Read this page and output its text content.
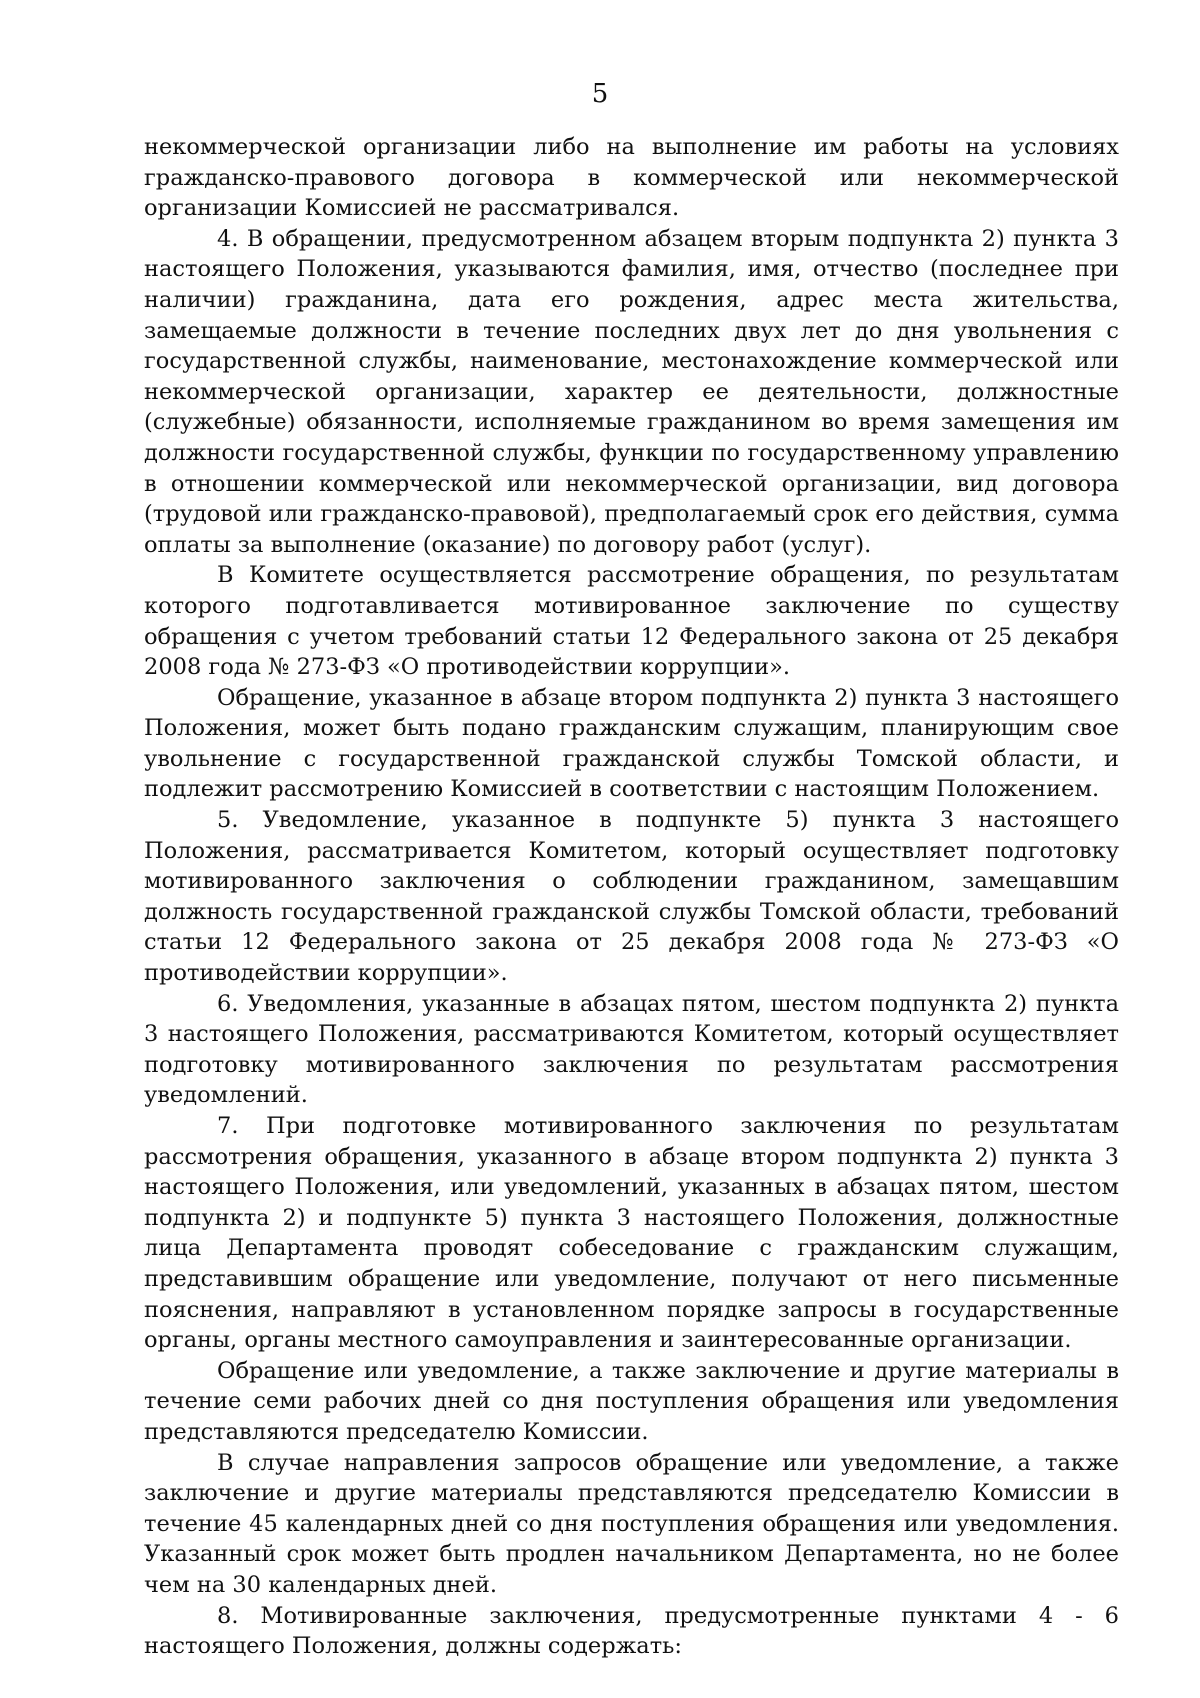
5

некоммерческой организации либо на выполнение им работы на условиях гражданско-правового договора в коммерческой или некоммерческой организации Комиссией не рассматривался.

4. В обращении, предусмотренном абзацем вторым подпункта 2) пункта 3 настоящего Положения, указываются фамилия, имя, отчество (последнее при наличии) гражданина, дата его рождения, адрес места жительства, замещаемые должности в течение последних двух лет до дня увольнения с государственной службы, наименование, местонахождение коммерческой или некоммерческой организации, характер ее деятельности, должностные (служебные) обязанности, исполняемые гражданином во время замещения им должности государственной службы, функции по государственному управлению в отношении коммерческой или некоммерческой организации, вид договора (трудовой или гражданско-правовой), предполагаемый срок его действия, сумма оплаты за выполнение (оказание) по договору работ (услуг).

В Комитете осуществляется рассмотрение обращения, по результатам которого подготавливается мотивированное заключение по существу обращения с учетом требований статьи 12 Федерального закона от 25 декабря 2008 года № 273-ФЗ «О противодействии коррупции».

Обращение, указанное в абзаце втором подпункта 2) пункта 3 настоящего Положения, может быть подано гражданским служащим, планирующим свое увольнение с государственной гражданской службы Томской области, и подлежит рассмотрению Комиссией в соответствии с настоящим Положением.

5. Уведомление, указанное в подпункте 5) пункта 3 настоящего Положения, рассматривается Комитетом, который осуществляет подготовку мотивированного заключения о соблюдении гражданином, замещавшим должность государственной гражданской службы Томской области, требований статьи 12 Федерального закона от 25 декабря 2008 года № 273-ФЗ «О противодействии коррупции».

6. Уведомления, указанные в абзацах пятом, шестом подпункта 2) пункта 3 настоящего Положения, рассматриваются Комитетом, который осуществляет подготовку мотивированного заключения по результатам рассмотрения уведомлений.

7. При подготовке мотивированного заключения по результатам рассмотрения обращения, указанного в абзаце втором подпункта 2) пункта 3 настоящего Положения, или уведомлений, указанных в абзацах пятом, шестом подпункта 2) и подпункте 5) пункта 3 настоящего Положения, должностные лица Департамента проводят собеседование с гражданским служащим, представившим обращение или уведомление, получают от него письменные пояснения, направляют в установленном порядке запросы в государственные органы, органы местного самоуправления и заинтересованные организации.

Обращение или уведомление, а также заключение и другие материалы в течение семи рабочих дней со дня поступления обращения или уведомления представляются председателю Комиссии.

В случае направления запросов обращение или уведомление, а также заключение и другие материалы представляются председателю Комиссии в течение 45 календарных дней со дня поступления обращения или уведомления. Указанный срок может быть продлен начальником Департамента, но не более чем на 30 календарных дней.

8. Мотивированные заключения, предусмотренные пунктами 4 - 6 настоящего Положения, должны содержать:
